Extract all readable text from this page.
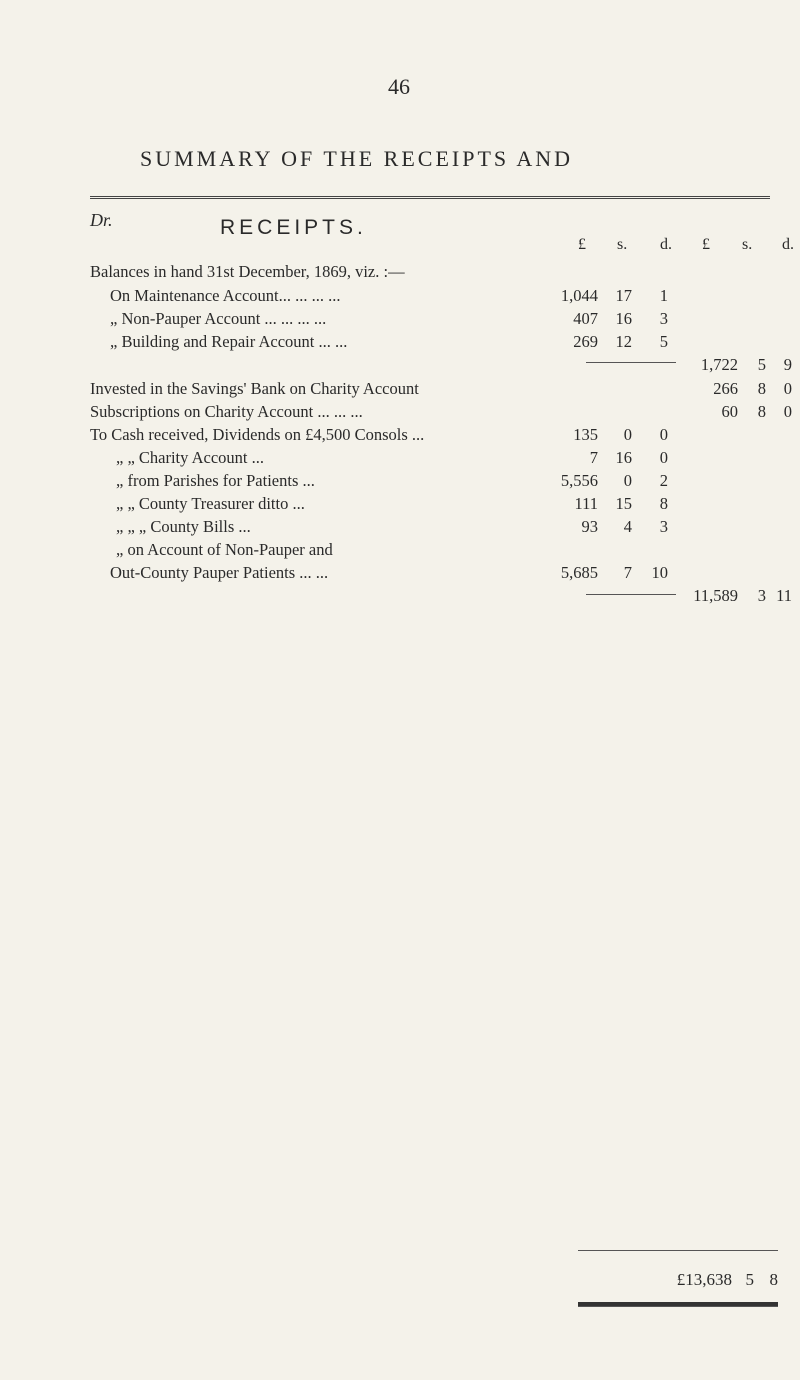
46
SUMMARY OF THE RECEIPTS AND
Dr.	RECEIPTS.
£ s. d. £ s. d.
Balances in hand 31st December, 1869, viz. :—
On Maintenance Account... ... ... ...	1,044	17	1
„ Non-Pauper Account ... ... ... ...	407	16	3
„ Building and Repair Account ... ...	269	12	5
1,722	5	9
Invested in the Savings' Bank on Charity Account	266	8	0
Subscriptions on Charity Account ... ... ...	60	8	0
To Cash received, Dividends on £4,500 Consols ...	135	0	0
„ „ Charity Account ...	7	16	0
„ from Parishes for Patients ...	5,556	0	2
„ „ County Treasurer ditto ...	111	15	8
„ „ „ County Bills ...	93	4	3
„ on Account of Non-Pauper and
Out-County Pauper Patients ... ...	5,685	7	10
11,589	3 11
£13,638 5 8
